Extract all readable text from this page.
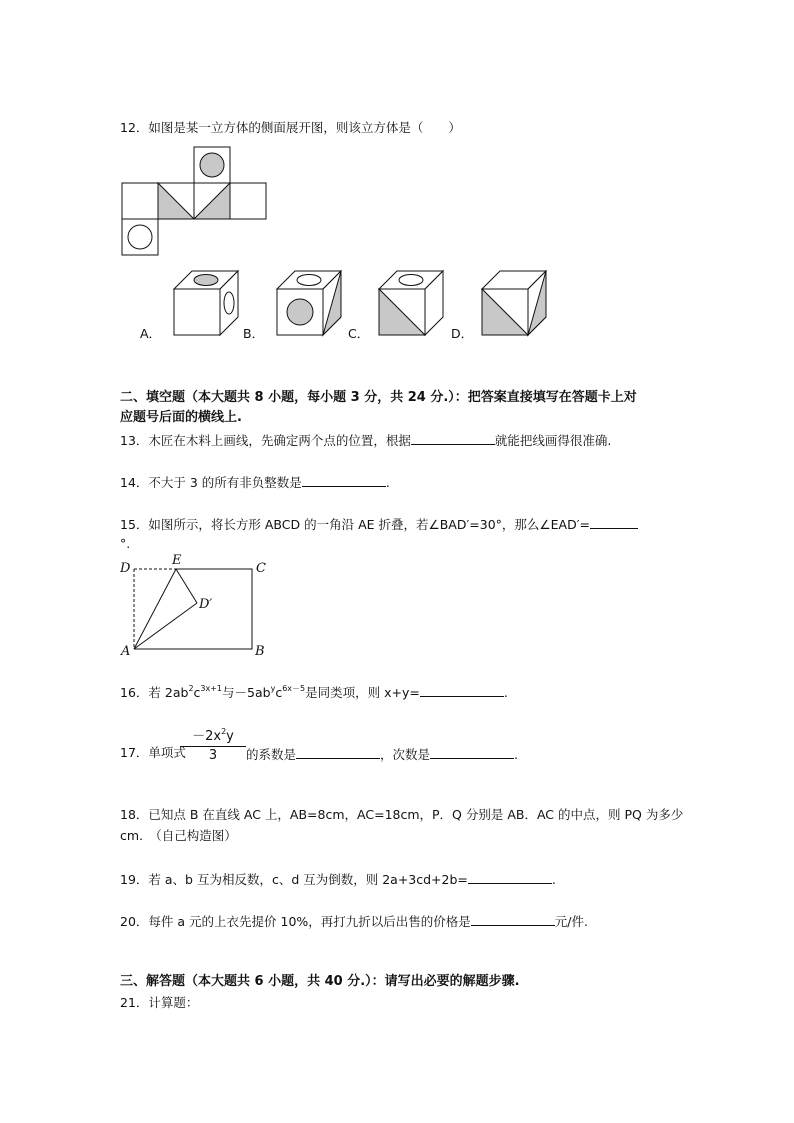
12．如图是某一立方体的侧面展开图，则该立方体是（　　）
A．	B．	C．	D．
二、填空题（本大题共 8 小题，每小题 3 分，共 24 分.）：把答案直接填写在答题卡上对
应题号后面的横线上.
13．木匠在木料上画线，先确定两个点的位置，根据	就能把线画得很准确.
14．不大于 3 的所有非负整数是	.
15．如图所示，将长方形 ABCD 的一角沿 AE 折叠，若∠BAD′=30°，那么∠EAD′=
°.
D
E
C
D′
A	B
16．若 $2ab^2c^{3x+1}$与$-5ab^yc^{6x-5}$是同类项，则 x+y=	.
17．单项式
$-2x^2y$
3	的系数是	，次数是	.
18．已知点 B 在直线 AC 上，AB=8cm，AC=18cm，P．Q 分别是 AB．AC 的中点，则 PQ 为多少
cm.　（自己构造图）
19．若 a、b 互为相反数，c、d 互为倒数，则 2a+3cd+2b=	.
20．每件 a 元的上衣先提价 10%，再打九折以后出售的价格是	元/件.
三、解答题（本大题共 6 小题，共 40 分.）：请写出必要的解题步骤.
21．计算题：
